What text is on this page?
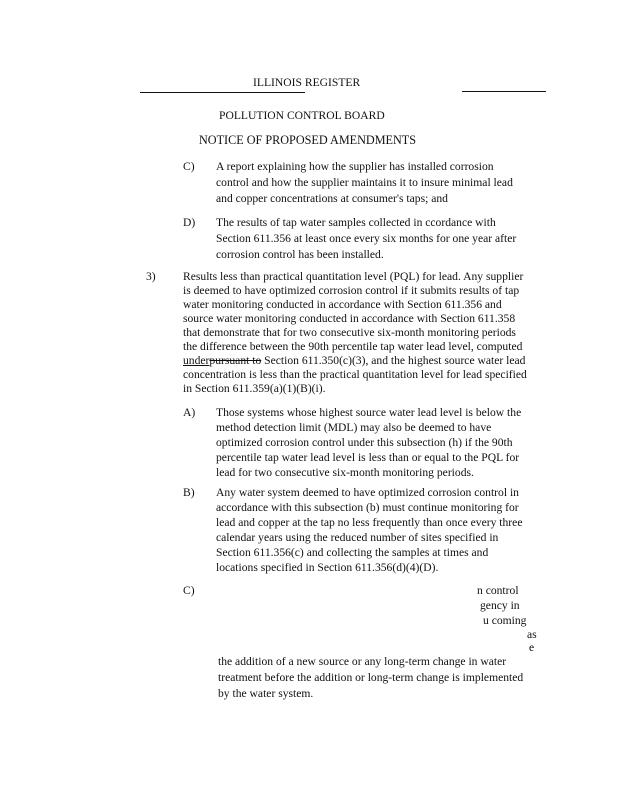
ILLINOIS REGISTER
POLLUTION CONTROL BOARD
NOTICE OF PROPOSED AMENDMENTS
C) A report explaining how the supplier has installed corrosion
control and how the supplier maintains it to insure minimal lead
and copper concentrations at consumer's taps; and
D) The results of tap water samples collected in ccordance with
Section 611.356 at least once every six months for one year after
corrosion control has been installed.
3) Results less than practical quantitation level (PQL) for lead. Any supplier
is deemed to have optimized corrosion control if it submits results of tap
water monitoring conducted in accordance with Section 611.356 and
source water monitoring conducted in accordance with Section 611.358
that demonstrate that for two consecutive six-month monitoring periods
the difference between the 90th percentile tap water lead level, computed
underpursuant to Section 611.350(c)(3), and the highest source water lead
concentration is less than the practical quantitation level for lead specified
in Section 611.359(a)(1)(B)(i).
A) Those systems whose highest source water lead level is below the
method detection limit (MDL) may also be deemed to have
optimized corrosion control under this subsection (h) if the 90th
percentile tap water lead level is less than or equal to the PQL for
lead for two consecutive six-month monitoring periods.
B) Any water system deemed to have optimized corrosion control in
accordance with this subsection (b) must continue monitoring for
lead and copper at the tap no less frequently than once every three
calendar years using the reduced number of sites specified in
Section 611.356(c) and collecting the samples at times and
locations specified in Section 611.356(d)(4)(D).
C)	n control
gency in
u coming
as
e
the addition of a new source or any long-term change in water
treatment before the addition or long-term change is implemented
by the water system.
